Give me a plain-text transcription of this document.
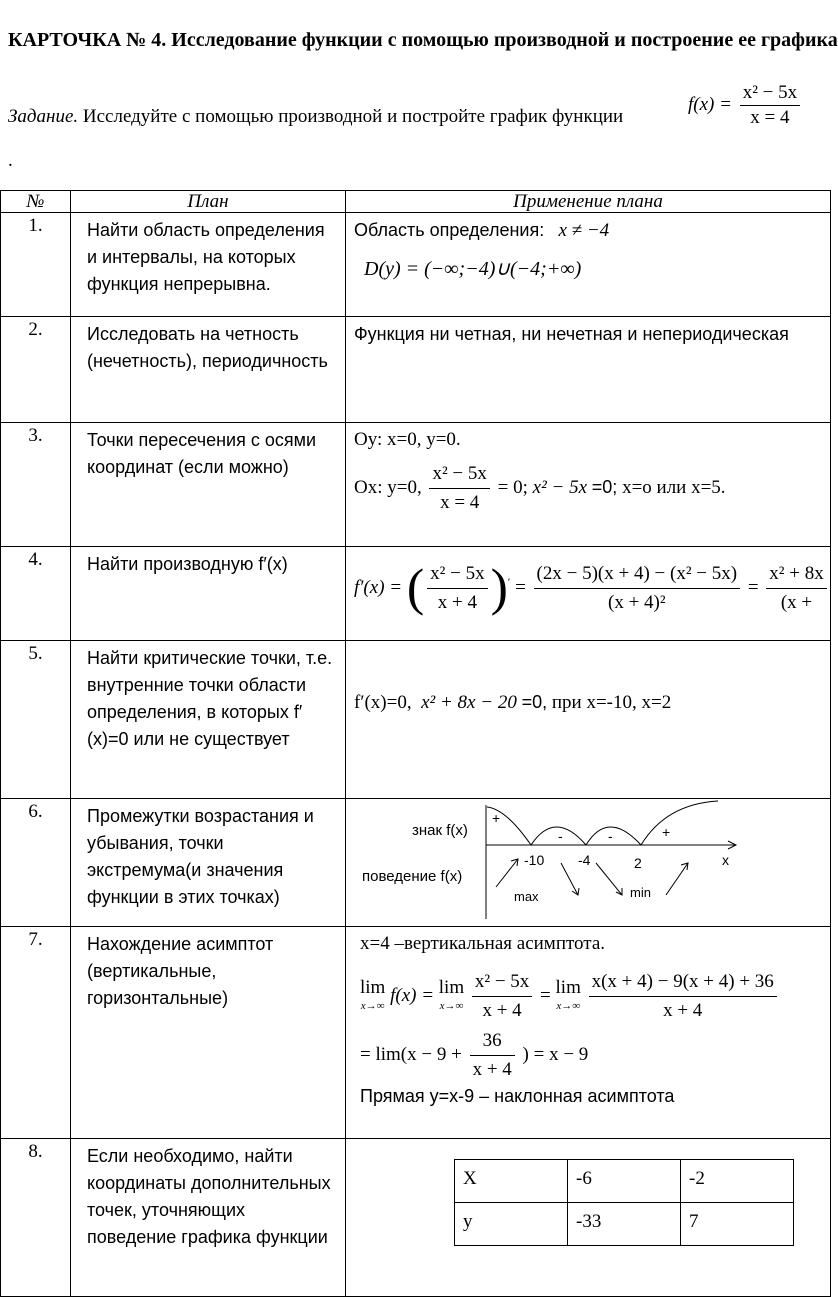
КАРТОЧКА № 4. Исследование функции с помощью производной и построение ее графика
Задание. Исследуйте с помощью производной и постройте график функции
$f(x) = \frac{\text{x² − 5x}}{x = 4}$
.
№	План	Применение плана
1.	Найти область определения и интервалы, на которых функция непрерывна.	
Область определения: x ≠ −4
D(y) = (−∞;−4)∪(−4;+∞)

2.	Исследовать на четность (нечетность), периодичность	Функция ни четная, ни нечетная и непериодическая
3.	Точки пересечения с осями координат (если можно)	
Оу: х=0, у=0.
Ох: у=0, $\frac{\text{x² − 5x}}{x = 4} = 0$; x² − 5x =0; х=о или х=5.

4.	Найти производную f′(x)	
f′(x) = ( $\frac{\text{x² − 5x}}{x + 4} )' = \frac{\text{(2x − 5)(x + 4) − (x² − 5x)}}{\text{(x + 4)²}} = \frac{\text{x² + 8x}}{(x +}$

5.	Найти критические точки, т.е. внутренние точки области определения, в которых f′(x)=0 или не существует	
f′(x)=0, x² + 8x − 20 =0, при х=-10, х=2

6.	Промежутки возрастания и убывания, точки экстремума(и значения функции в этих точках)	
знак f(x)
поведение f(x)
+
-	-	+
-10 -4	2	x
max	min

7.	Нахождение асимптот (вертикальные, горизонтальные)	
х=4 –вертикальная асимптота.
lim
x→∞ f(x) = lim
$x\to\infty \frac{\text{x² − 5x}}{x + 4} = \lim$
$x\to\infty \frac{x(x + 4) - 9(x + 4) + 36}{x + 4}$
= $\lim(x - 9 + \frac{36}{x + 4}$ ) = x − 9
Прямая у=х-9 – наклонная асимптота

8.	Если необходимо, найти координаты дополнительных точек, уточняющих поведение графика функции	
Х	-6	-2
у	-33	7
